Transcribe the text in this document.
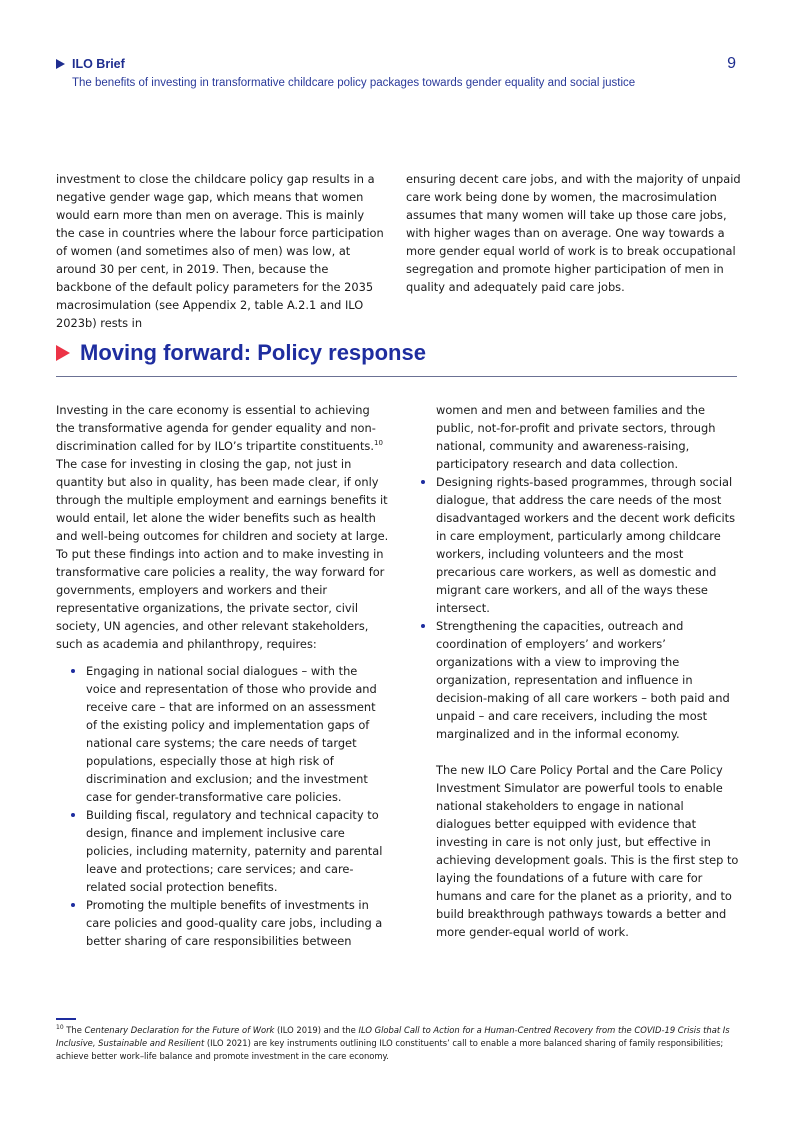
ILO Brief
The benefits of investing in transformative childcare policy packages towards gender equality and social justice
9

investment to close the childcare policy gap results in a negative gender wage gap, which means that women would earn more than men on average. This is mainly the case in countries where the labour force participation of women (and sometimes also of men) was low, at around 30 per cent, in 2019. Then, because the backbone of the default policy parameters for the 2035 macrosimulation (see Appendix 2, table A.2.1 and ILO 2023b) rests in

ensuring decent care jobs, and with the majority of unpaid care work being done by women, the macrosimulation assumes that many women will take up those care jobs, with higher wages than on average. One way towards a more gender equal world of work is to break occupational segregation and promote higher participation of men in quality and adequately paid care jobs.

Moving forward: Policy response

Investing in the care economy is essential to achieving the transformative agenda for gender equality and non-discrimination called for by ILO’s tripartite constituents.$^{10}$ The case for investing in closing the gap, not just in quantity but also in quality, has been made clear, if only through the multiple employment and earnings benefits it would entail, let alone the wider benefits such as health and well-being outcomes for children and society at large. To put these findings into action and to make investing in transformative care policies a reality, the way forward for governments, employers and workers and their representative organizations, the private sector, civil society, UN agencies, and other relevant stakeholders, such as academia and philanthropy, requires:

Engaging in national social dialogues – with the voice and representation of those who provide and receive care – that are informed on an assessment of the existing policy and implementation gaps of national care systems; the care needs of target populations, especially those at high risk of discrimination and exclusion; and the investment case for gender-transformative care policies.
Building fiscal, regulatory and technical capacity to design, finance and implement inclusive care policies, including maternity, paternity and parental leave and protections; care services; and care-related social protection benefits.
Promoting the multiple benefits of investments in care policies and good-quality care jobs, including a better sharing of care responsibilities between

women and men and between families and the public, not-for-profit and private sectors, through national, community and awareness-raising, participatory research and data collection.

Designing rights-based programmes, through social dialogue, that address the care needs of the most disadvantaged workers and the decent work deficits in care employment, particularly among childcare workers, including volunteers and the most precarious care workers, as well as domestic and migrant care workers, and all of the ways these intersect.
Strengthening the capacities, outreach and coordination of employers’ and workers’ organizations with a view to improving the organization, representation and influence in decision-making of all care workers – both paid and unpaid – and care receivers, including the most marginalized and in the informal economy.

The new ILO Care Policy Portal and the Care Policy Investment Simulator are powerful tools to enable national stakeholders to engage in national dialogues better equipped with evidence that investing in care is not only just, but effective in achieving development goals. This is the first step to laying the foundations of a future with care for humans and care for the planet as a priority, and to build breakthrough pathways towards a better and more gender-equal world of work.

$^{10}$ The Centenary Declaration for the Future of Work (ILO 2019) and the ILO Global Call to Action for a Human-Centred Recovery from the COVID-19 Crisis that Is Inclusive, Sustainable and Resilient (ILO 2021) are key instruments outlining ILO constituents’ call to enable a more balanced sharing of family responsibilities; achieve better work–life balance and promote investment in the care economy.
